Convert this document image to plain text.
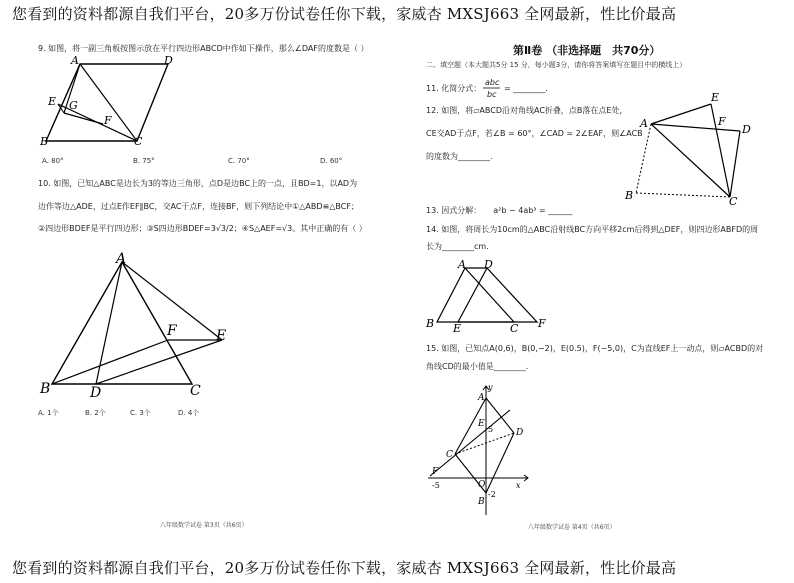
您看到的资料都源自我们平台，20多万份试卷任你下载，家威杏 MXSJ663 全网最新，性比价最高
您看到的资料都源自我们平台，20多万份试卷任你下载，家威杏 MXSJ663 全网最新，性比价最高
9. 如图，将一副三角板按图示放在平行四边形ABCD中作如下操作，那么∠DAF的度数是（ ）
A	D
E G
F
B	C
A. 80°	B. 75°	C. 70°	D. 60°
10. 如图，已知△ABC是边长为3的等边三角形，点D是边BC上的一点，且BD=1，以AD为
边作等边△ADE，过点E作EF∥BC，交AC于点F，连接BF，则下列结论中①△ABD≌△BCF；
②四边形BDEF是平行四边形；③S四边形BDEF=3√3/2；④S△AEF=√3。其中正确的有（ ）
A
F	E
B	D	C
A. 1个	B. 2个	C. 3个	D. 4个
八年级数学试卷 第3页（共6页）
第Ⅱ卷 （非选择题　共70分）
二、填空题（本大题共5分 15 分，每小题3分，请你将答案填写在题目中的横线上）
11. 化简分式：
abc
bc
= ________.
12. 如图，将▱ABCD沿对角线AC折叠，点B落在点E处，
CE交AD于点F，若∠B = 60°，∠CAD = 2∠EAF，则∠ACB
的度数为________.
E
A	F
D
B	C
13. 因式分解：　　a²b − 4ab³ = ______
14. 如图，将周长为10cm的△ABC沿射线BC方向平移2cm后得到△DEF，则四边形ABFD的周
长为________cm.
A D
B E	C F
15. 如图，已知点A(0,6)，B(0,−2)，E(0.5)，F(−5,0)，C为直线EF上一动点，则▱ACBD的对
角线CD的最小值是________.
y
A
E
5	D
C
F
-5	O	x
-2
B
八年级数学试卷 第4页（共6页）
